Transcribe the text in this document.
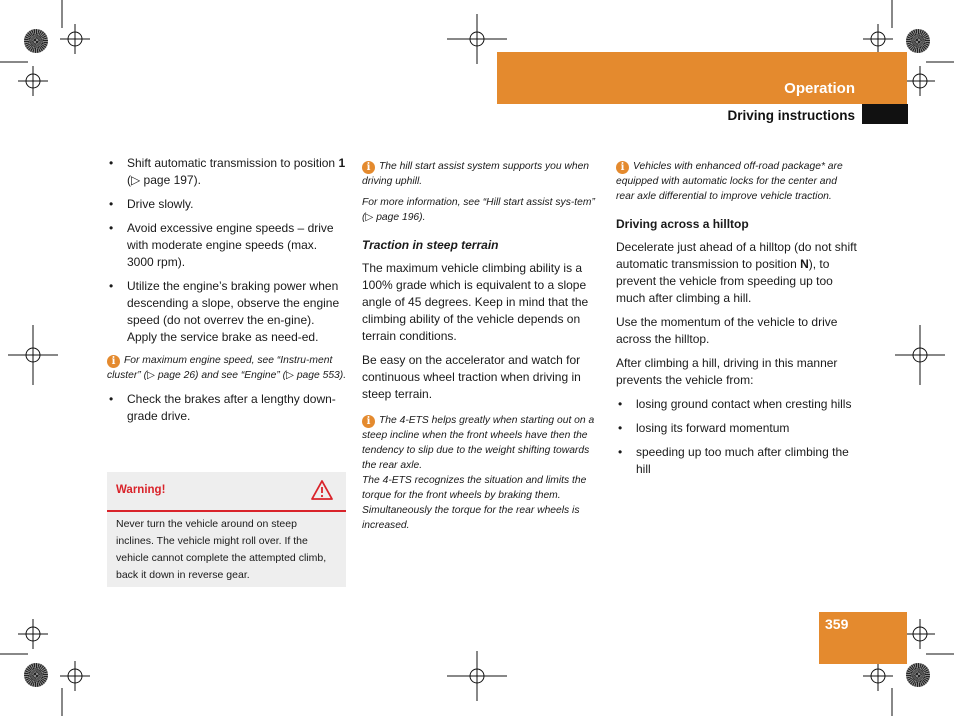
Operation
Driving instructions
• Shift automatic transmission to position 1 (▷ page 197).
• Drive slowly.
• Avoid excessive engine speeds – drive with moderate engine speeds (max. 3000 rpm).
• Utilize the engine’s braking power when descending a slope, observe the engine speed (do not overrev the en-gine). Apply the service brake as need-ed.

i For maximum engine speed, see “Instru-ment cluster” (▷ page 26) and see “Engine” (▷ page 553).

• Check the brakes after a lengthy down-grade drive.
Warning!
Never turn the vehicle around on steep inclines. The vehicle might roll over. If the vehicle cannot complete the attempted climb, back it down in reverse gear.

i The hill start assist system supports you when driving uphill.

For more information, see “Hill start assist sys-tem” (▷ page 196).

Traction in steep terrain

The maximum vehicle climbing ability is a 100% grade which is equivalent to a slope angle of 45 degrees. Keep in mind that the climbing ability of the vehicle depends on terrain conditions.

Be easy on the accelerator and watch for continuous wheel traction when driving in steep terrain.

i The 4-ETS helps greatly when starting out on a steep incline when the front wheels have then the tendency to slip due to the weight shifting towards the rear axle.

The 4-ETS recognizes the situation and limits the torque for the front wheels by braking them. Simultaneously the torque for the rear wheels is increased.

i Vehicles with enhanced off-road package* are equipped with automatic locks for the center and rear axle differential to improve vehicle traction.

Driving across a hilltop

Decelerate just ahead of a hilltop (do not shift automatic transmission to position N), to prevent the vehicle from speeding up too much after climbing a hill.

Use the momentum of the vehicle to drive across the hilltop.

After climbing a hill, driving in this manner prevents the vehicle from:

• losing ground contact when cresting hills
• losing its forward momentum
• speeding up too much after climbing the hill
359
